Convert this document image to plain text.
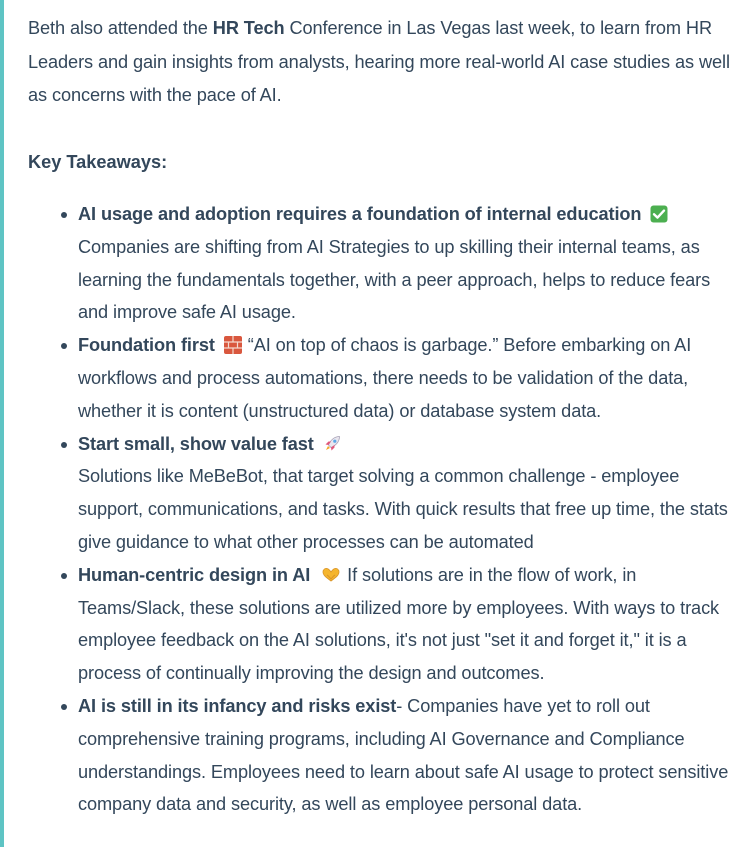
Beth also attended the HR Tech Conference in Las Vegas last week, to learn from HR Leaders and gain insights from analysts, hearing more real-world AI case studies as well as concerns with the pace of AI.

Key Takeaways:

AI usage and adoption requires a foundation of internal education

Companies are shifting from AI Strategies to up skilling their internal teams, as learning the fundamentals together, with a peer approach, helps to reduce fears and improve safe AI usage.
Foundation first “AI on top of chaos is garbage.” Before embarking on AI workflows and process automations, there needs to be validation of the data, whether it is content (unstructured data) or database system data.
Start small, show value fast

Solutions like MeBeBot, that target solving a common challenge - employee support, communications, and tasks. With quick results that free up time, the stats give guidance to what other processes can be automated
Human-centric design in AI If solutions are in the flow of work, in Teams/Slack, these solutions are utilized more by employees. With ways to track employee feedback on the AI solutions, it's not just "set it and forget it," it is a process of continually improving the design and outcomes.
AI is still in its infancy and risks exist- Companies have yet to roll out comprehensive training programs, including AI Governance and Compliance understandings. Employees need to learn about safe AI usage to protect sensitive company data and security, as well as employee personal data.
